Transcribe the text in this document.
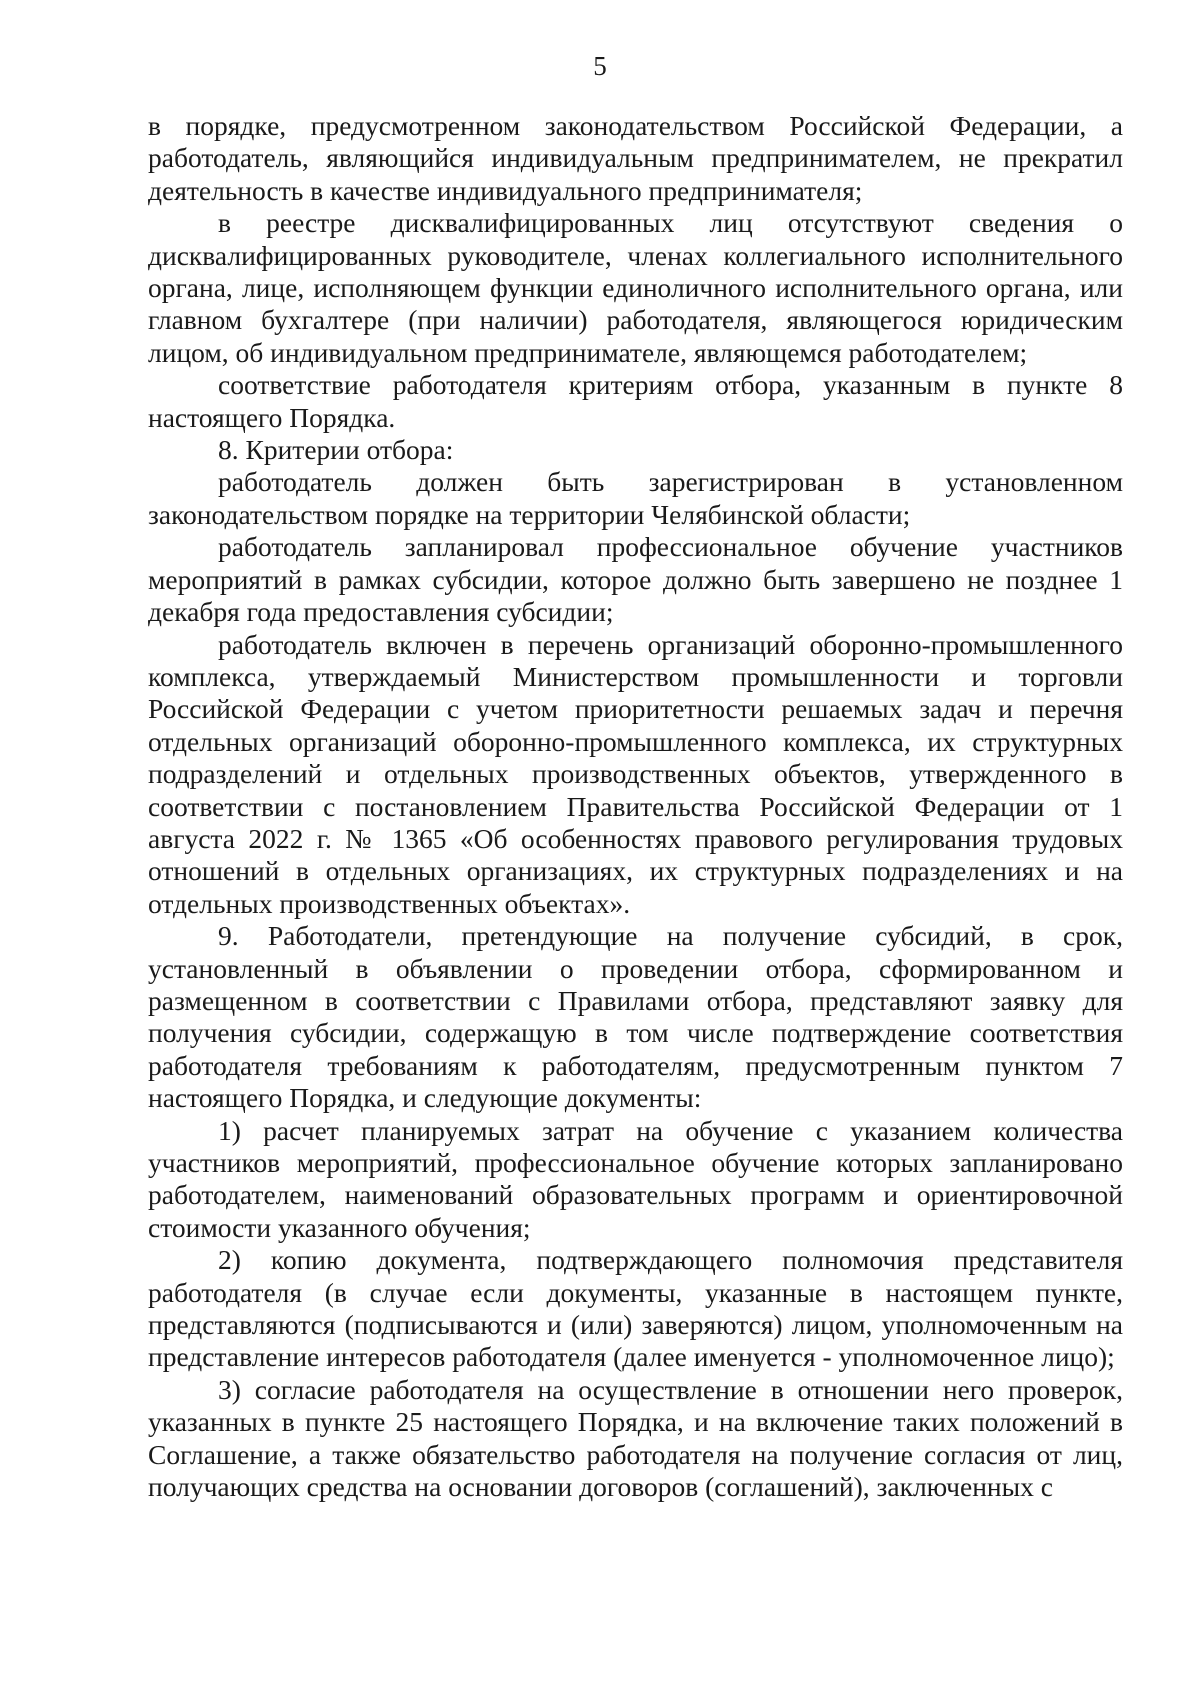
5

в порядке, предусмотренном законодательством Российской Федерации, а работодатель, являющийся индивидуальным предпринимателем, не прекратил деятельность в качестве индивидуального предпринимателя;

в реестре дисквалифицированных лиц отсутствуют сведения о дисквалифицированных руководителе, членах коллегиального исполнительного органа, лице, исполняющем функции единоличного исполнительного органа, или главном бухгалтере (при наличии) работодателя, являющегося юридическим лицом, об индивидуальном предпринимателе, являющемся работодателем;

соответствие работодателя критериям отбора, указанным в пункте 8 настоящего Порядка.

8. Критерии отбора:

работодатель должен быть зарегистрирован в установленном законодательством порядке на территории Челябинской области;

работодатель запланировал профессиональное обучение участников мероприятий в рамках субсидии, которое должно быть завершено не позднее 1 декабря года предоставления субсидии;

работодатель включен в перечень организаций оборонно-промышленного комплекса, утверждаемый Министерством промышленности и торговли Российской Федерации с учетом приоритетности решаемых задач и перечня отдельных организаций оборонно-промышленного комплекса, их структурных подразделений и отдельных производственных объектов, утвержденного в соответствии с постановлением Правительства Российской Федерации от 1 августа 2022 г. № 1365 «Об особенностях правового регулирования трудовых отношений в отдельных организациях, их структурных подразделениях и на отдельных производственных объектах».

9. Работодатели, претендующие на получение субсидий, в срок, установленный в объявлении о проведении отбора, сформированном и размещенном в соответствии с Правилами отбора, представляют заявку для получения субсидии, содержащую в том числе подтверждение соответствия работодателя требованиям к работодателям, предусмотренным пунктом 7 настоящего Порядка, и следующие документы:

1) расчет планируемых затрат на обучение с указанием количества участников мероприятий, профессиональное обучение которых запланировано работодателем, наименований образовательных программ и ориентировочной стоимости указанного обучения;

2) копию документа, подтверждающего полномочия представителя работодателя (в случае если документы, указанные в настоящем пункте, представляются (подписываются и (или) заверяются) лицом, уполномоченным на представление интересов работодателя (далее именуется - уполномоченное лицо);

3) согласие работодателя на осуществление в отношении него проверок, указанных в пункте 25 настоящего Порядка, и на включение таких положений в Соглашение, а также обязательство работодателя на получение согласия от лиц, получающих средства на основании договоров (соглашений), заключенных с
